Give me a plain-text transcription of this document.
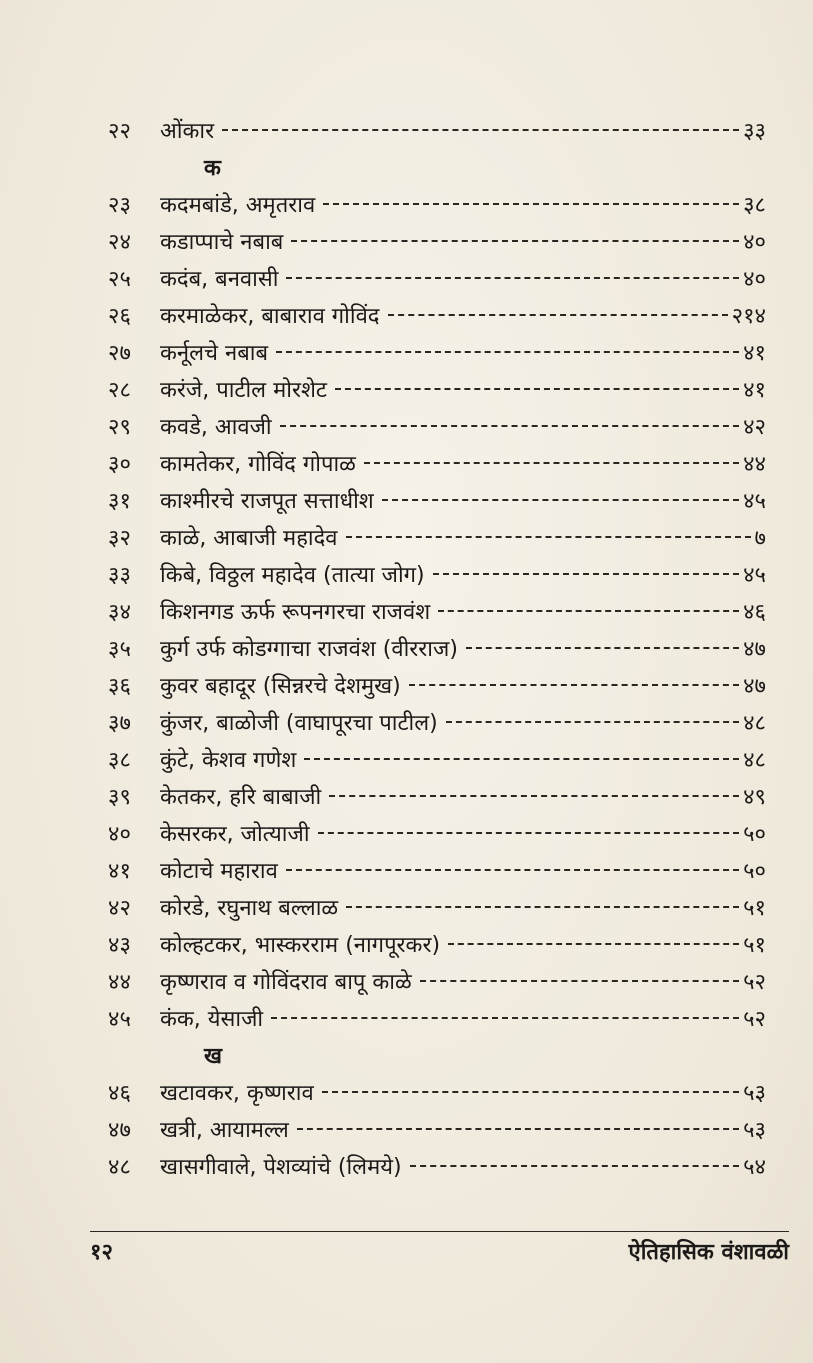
२२	ओंकार	३३
क
२३	कदमबांडे, अमृतराव	३८
२४	कडाप्पाचे नबाब	४०
२५	कदंब, बनवासी	४०
२६	करमाळेकर, बाबाराव गोविंद	२१४
२७	कर्नूलचे नबाब	४१
२८	करंजे, पाटील मोरशेट	४१
२९	कवडे, आवजी	४२
३०	कामतेकर, गोविंद गोपाळ	४४
३१	काश्मीरचे राजपूत सत्ताधीश	४५
३२	काळे, आबाजी महादेव	७
३३	किबे, विठ्ठल महादेव (तात्या जोग)	४५
३४	किशनगड ऊर्फ रूपनगरचा राजवंश	४६
३५	कुर्ग उर्फ कोडग्गाचा राजवंश (वीरराज)	४७
३६	कुवर बहादूर (सिन्नरचे देशमुख)	४७
३७	कुंजर, बाळोजी (वाघापूरचा पाटील)	४८
३८	कुंटे, केशव गणेश	४८
३९	केतकर, हरि बाबाजी	४९
४०	केसरकर, जोत्याजी	५०
४१	कोटाचे महाराव	५०
४२	कोरडे, रघुनाथ बल्लाळ	५१
४३	कोल्हटकर, भास्करराम (नागपूरकर)	५१
४४	कृष्णराव व गोविंदराव बापू काळे	५२
४५	कंक, येसाजी	५२
ख
४६	खटावकर, कृष्णराव	५३
४७	खत्री, आयामल्ल	५३
४८	खासगीवाले, पेशव्यांचे (लिमये)	५४
१२	ऐतिहासिक वंशावळी
